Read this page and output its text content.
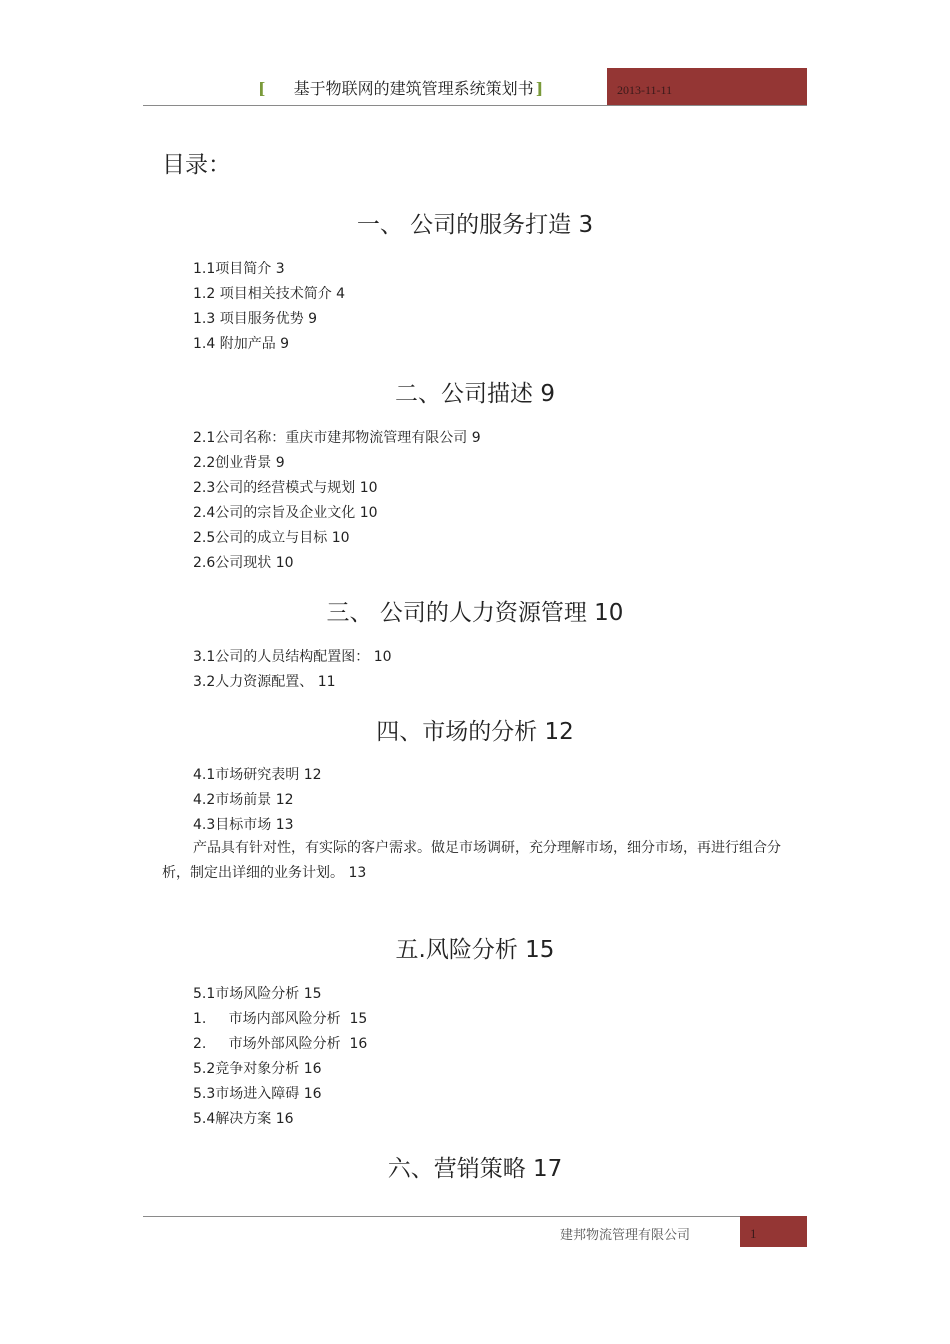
[ 基于物联网的建筑管理系统策划书 ]	2013-11-11
目录：
一、 公司的服务打造 3
1.1项目简介 3
1.2 项目相关技术简介 4
1.3 项目服务优势 9
1.4 附加产品 9
二、公司描述 9
2.1公司名称：重庆市建邦物流管理有限公司 9
2.2创业背景 9
2.3公司的经营模式与规划 10
2.4公司的宗旨及企业文化 10
2.5公司的成立与目标 10
2.6公司现状 10
三、 公司的人力资源管理 10
3.1公司的人员结构配置图： 10
3.2人力资源配置、 11
四、市场的分析 12
4.1市场研究表明 12
4.2市场前景 12
4.3目标市场 13
产品具有针对性，有实际的客户需求。做足市场调研，充分理解市场，细分市场，再进行组合分析，制定出详细的业务计划。 13
五.风险分析 15
5.1市场风险分析 15
1.     市场内部风险分析  15
2.     市场外部风险分析  16
5.2竞争对象分析 16
5.3市场进入障碍 16
5.4解决方案 16
六、营销策略 17
建邦物流管理有限公司	1
